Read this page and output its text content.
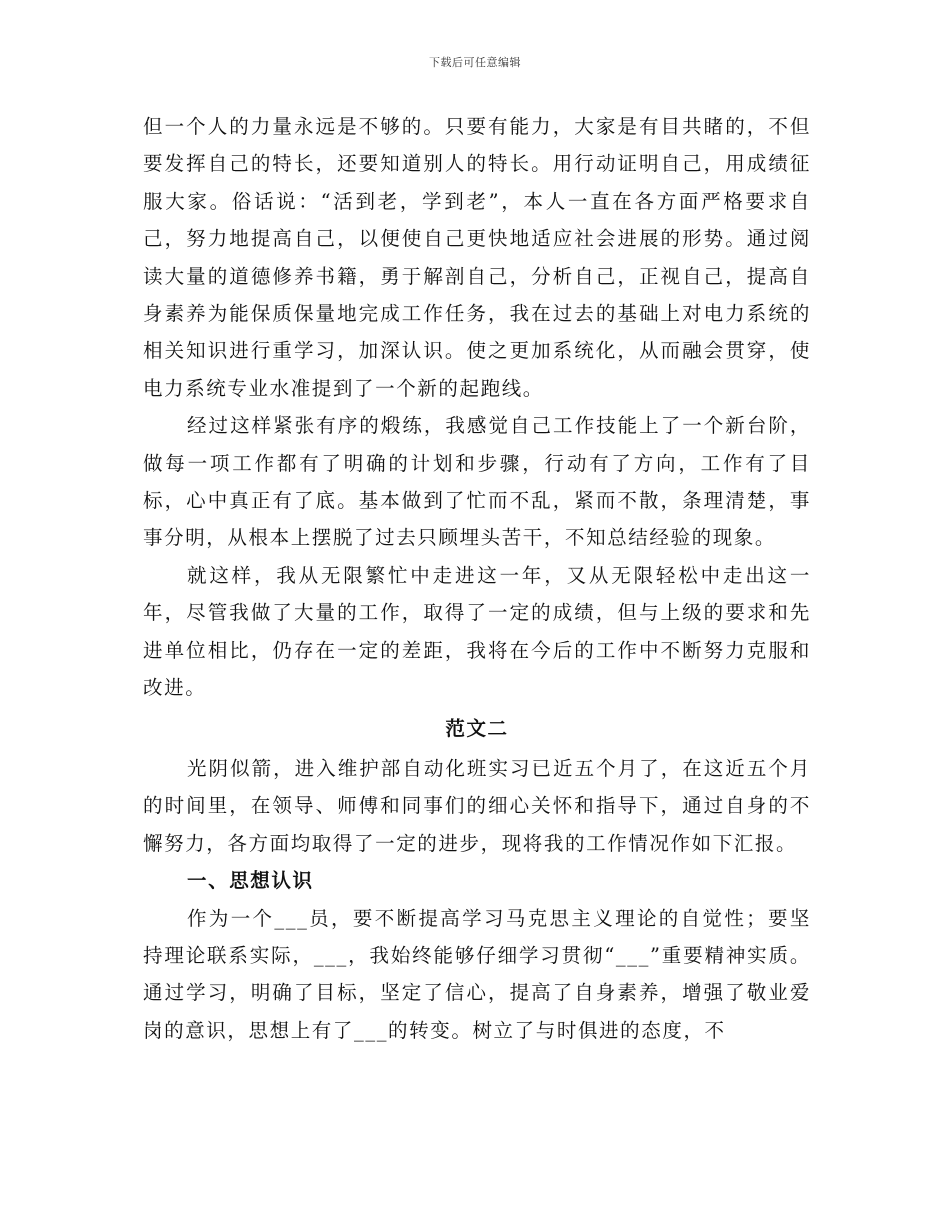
下载后可任意编辑

但一个人的力量永远是不够的。只要有能力，大家是有目共睹的，不但要发挥自己的特长，还要知道别人的特长。用行动证明自己，用成绩征服大家。俗话说：“活到老，学到老”，本人一直在各方面严格要求自己，努力地提高自己，以便使自己更快地适应社会进展的形势。通过阅读大量的道德修养书籍，勇于解剖自己，分析自己，正视自己，提高自身素养为能保质保量地完成工作任务，我在过去的基础上对电力系统的相关知识进行重学习，加深认识。使之更加系统化，从而融会贯穿，使电力系统专业水准提到了一个新的起跑线。

经过这样紧张有序的煅练，我感觉自己工作技能上了一个新台阶，做每一项工作都有了明确的计划和步骤，行动有了方向，工作有了目标，心中真正有了底。基本做到了忙而不乱，紧而不散，条理清楚，事事分明，从根本上摆脱了过去只顾埋头苦干，不知总结经验的现象。

就这样，我从无限繁忙中走进这一年，又从无限轻松中走出这一年，尽管我做了大量的工作，取得了一定的成绩，但与上级的要求和先进单位相比，仍存在一定的差距，我将在今后的工作中不断努力克服和改进。

范文二

光阴似箭，进入维护部自动化班实习已近五个月了，在这近五个月的时间里，在领导、师傅和同事们的细心关怀和指导下，通过自身的不懈努力，各方面均取得了一定的进步，现将我的工作情况作如下汇报。

一、思想认识

作为一个___员，要不断提高学习马克思主义理论的自觉性；要坚持理论联系实际，___，我始终能够仔细学习贯彻“___”重要精神实质。通过学习，明确了目标，坚定了信心，提高了自身素养，增强了敬业爱岗的意识，思想上有了___的转变。树立了与时俱进的态度，不
